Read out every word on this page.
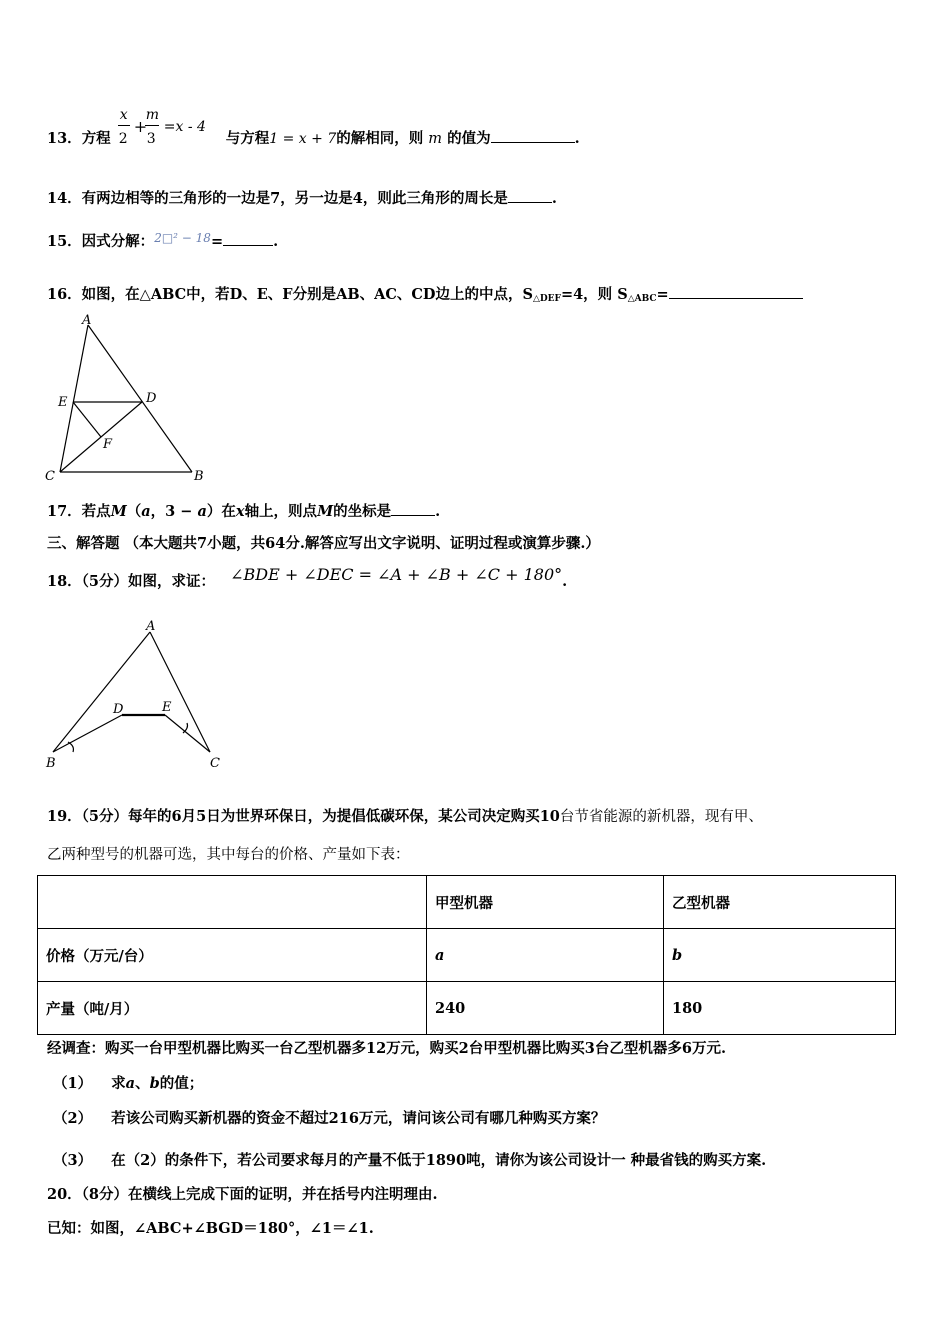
13．方程
x
2
+
m
3
=x - 4
与方程1 = x + 7的解相同，则 m 的值为	.
14．有两边相等的三角形的一边是7，另一边是4，则此三角形的周长是	.
15．因式分解：$^{2□^2 - 18}$=	.
16．如图，在△ABC中，若D、E、F分别是AB、AC、CD边上的中点，$S_{\triangle DEF}=4$，则 $S_{\triangle ABC}=$
A
E	D
F
C	B
17．若点M（a，3 − a）在x轴上，则点M的坐标是	.
三、解答题 （本大题共7小题，共64分.解答应写出文字说明、证明过程或演算步骤.）
18．（5分）如图，求证： ∠BDE + ∠DEC = ∠A + ∠B + ∠C + 180°.
A
D	E
B	C
19．（5分）每年的6月5日为世界环保日，为提倡低碳环保，某公司决定购买10台节省能源的新机器，现有甲、
乙两种型号的机器可选，其中每台的价格、产量如下表：
	甲型机器	乙型机器
价格（万元/台）	a	b
产量（吨/月）	240	180
经调查：购买一台甲型机器比购买一台乙型机器多12万元，购买2台甲型机器比购买3台乙型机器多6万元.
（1） 求a、b的值；
（2） 若该公司购买新机器的资金不超过216万元，请问该公司有哪几种购买方案？
（3） 在（2）的条件下，若公司要求每月的产量不低于1890吨，请你为该公司设计一 种最省钱的购买方案.
20．（8分）在横线上完成下面的证明，并在括号内注明理由.
已知：如图，∠ABC+∠BGD＝180°，∠1＝∠1.
